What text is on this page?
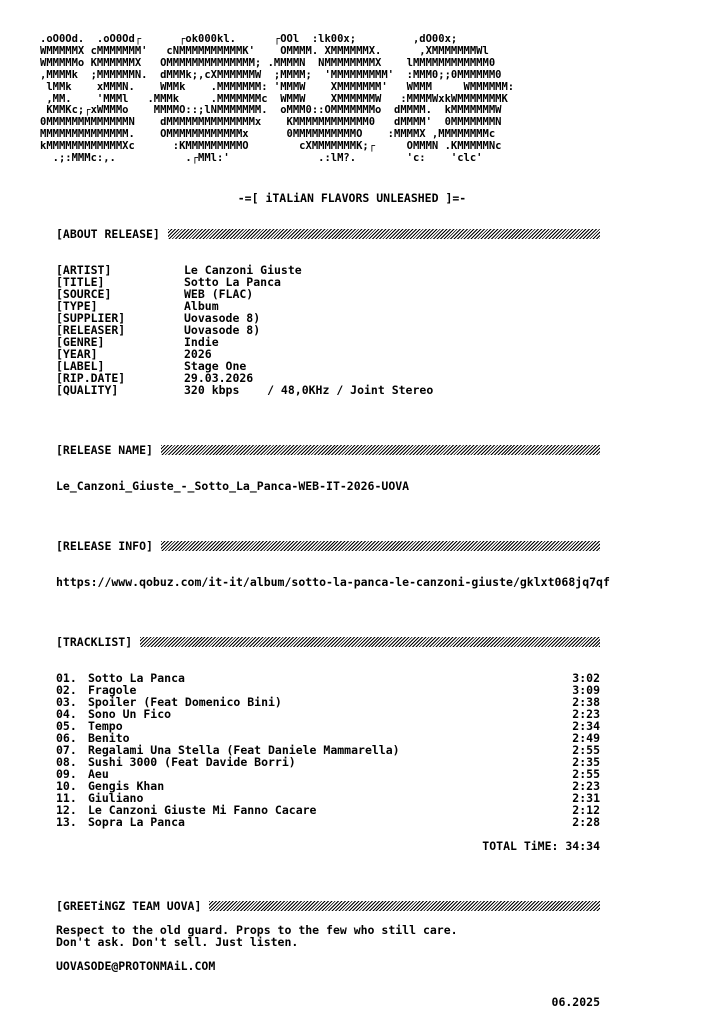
.oO0Od.  .oO0Od┌      ┌ok000kl.      ┌OOl  :lk00x;         ,dO00x;
WMMMMMX cMMMMMMM'   cNMMMMMMMMMMK'    OMMMM. XMMMMMMX.      ,XMMMMMMMWl
WMMMMMo KMMMMMMX   OMMMMMMMMMMMMMM; .MMMMN  NMMMMMMMMX    lMMMMMMMMMMMM0
,MMMMk  ;MMMMMMN.  dMMMk;,cXMMMMMMW  ;MMMM;  'MMMMMMMMM'  :MMM0;;0MMMMMM0
lMMk    xMMMN.    WMMk    .MMMMMMM: 'MMMW    XMMMMMMM'   WMMM     WMMMMMM:
,MM.    'MMMl   .MMMk     .MMMMMMMc  WMMW    XMMMMMMW   :MMMMWxkWMMMMMMMK
KMMKc;┌xWMMMo    MMMMO::;lNMMMMMMM.  oMMM0::OMMMMMMMo  dMMMM.  kMMMMMMMW
0MMMMMMMMMMMMMN    dMMMMMMMMMMMMMMx    KMMMMMMMMMMMM0   dMMMM'  0MMMMMMMN
MMMMMMMMMMMMMM.    OMMMMMMMMMMMMx      0MMMMMMMMMMO    :MMMMX ,MMMMMMMMc
kMMMMMMMMMMMMXc      :KMMMMMMMMMO        cXMMMMMMMK;┌     OMMMN .KMMMMMNc
.;:MMMc:,.           .┌MMl:'              .:lM?.        'c:    'clc'
-=[ iTALiAN FLAVORS UNLEASHED ]=-
[ABOUT RELEASE]
[ARTIST]	Le Canzoni Giuste
[TITLE]	Sotto La Panca
[SOURCE]	WEB (FLAC)
[TYPE]	Album
[SUPPLIER]	Uovasode 8)
[RELEASER]	Uovasode 8)
[GENRE]	Indie
[YEAR]	2026
[LABEL]	Stage One
[RIP.DATE]	29.03.2026
[QUALITY]	320 kbps    / 48,0KHz / Joint Stereo
[RELEASE NAME]
Le_Canzoni_Giuste_-_Sotto_La_Panca-WEB-IT-2026-UOVA
[RELEASE INFO]
https://www.qobuz.com/it-it/album/sotto-la-panca-le-canzoni-giuste/gklxt068jq7qf
[TRACKLIST]
01. Sotto La Panca	3:02
02. Fragole	3:09
03. Spoiler (Feat Domenico Bini)	2:38
04. Sono Un Fico	2:23
05. Tempo	2:34
06. Benito	2:49
07. Regalami Una Stella (Feat Daniele Mammarella)	2:55
08. Sushi 3000 (Feat Davide Borri)	2:35
09. Aeu	2:55
10. Gengis Khan	2:23
11. Giuliano	2:31
12. Le Canzoni Giuste Mi Fanno Cacare	2:12
13. Sopra La Panca	2:28
TOTAL TiME: 34:34
[GREETiNGZ TEAM UOVA]
Respect to the old guard. Props to the few who still care.
Don't ask. Don't sell. Just listen.
UOVASODE@PROTONMAiL.COM
06.2025
